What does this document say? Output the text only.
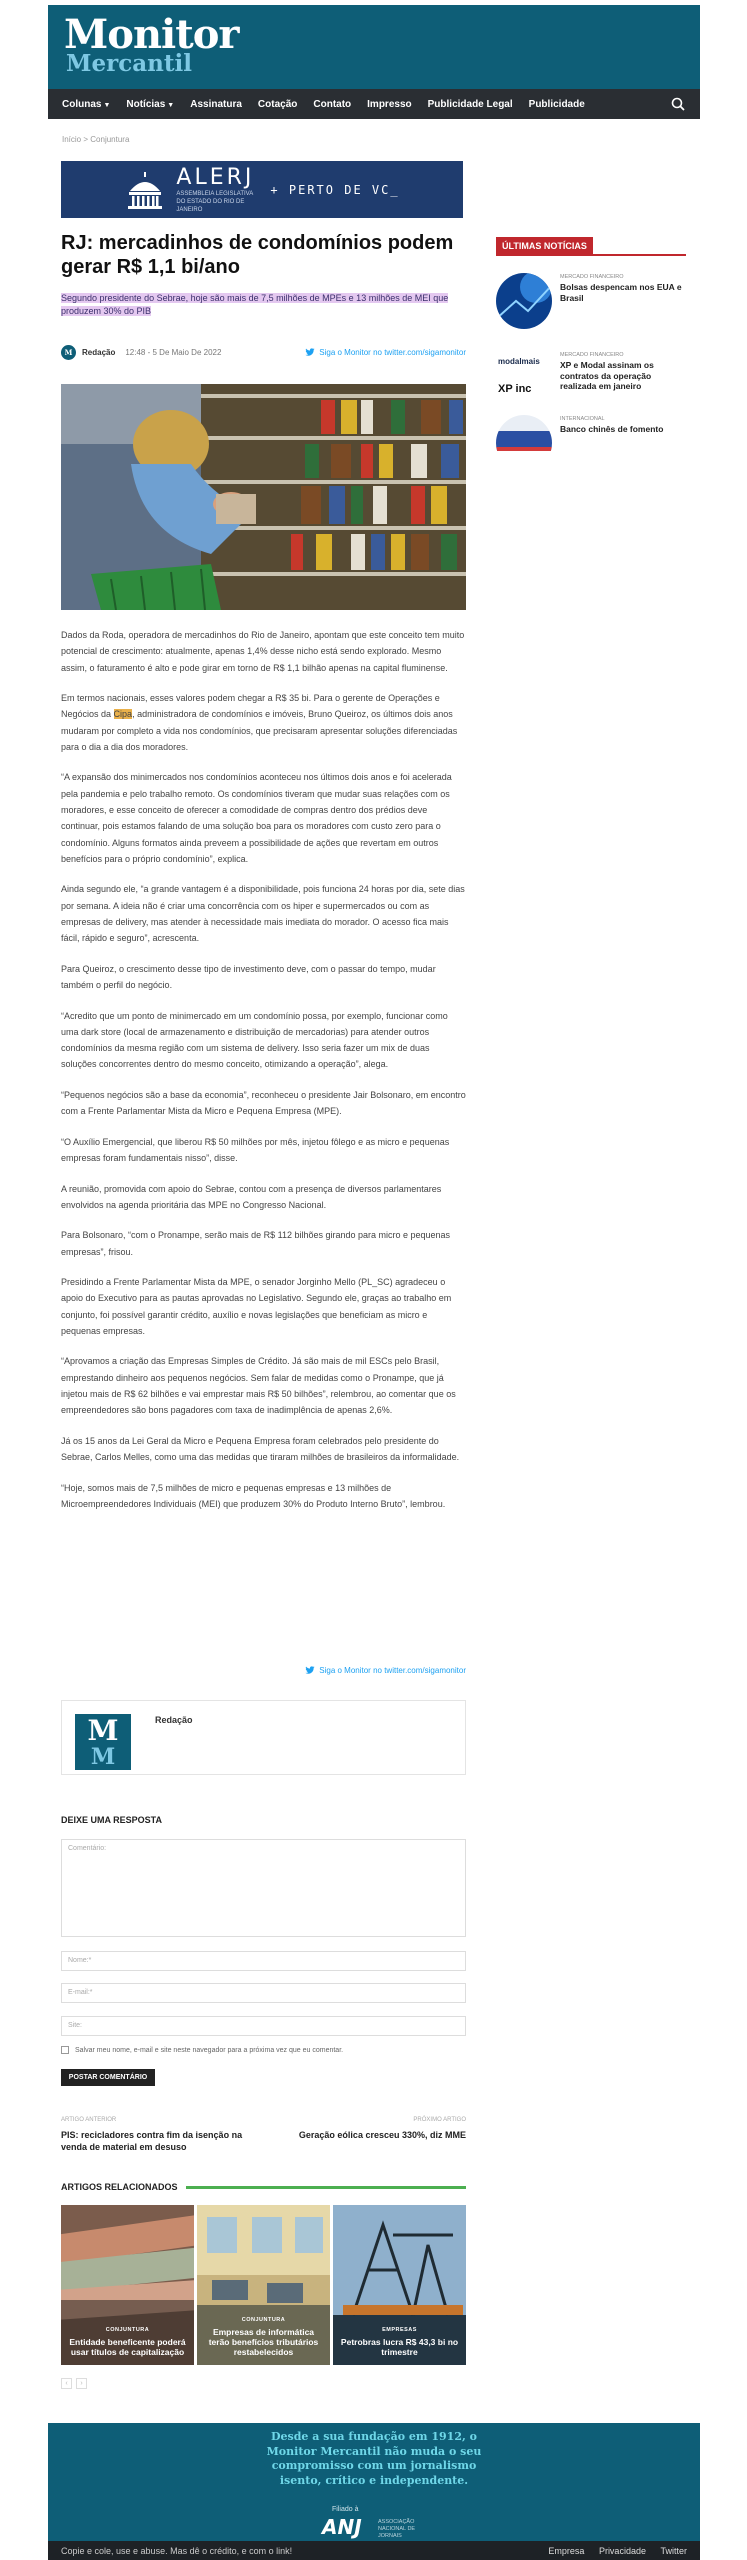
Monitor
Mercantil
Colunas ▼ Notícias ▼ Assinatura Cotação Contato Impresso Publicidade Legal Publicidade
Início > Conjuntura
ALERJ
ASSEMBLEIA LEGISLATIVA DO ESTADO DO RIO DE JANEIRO
+ PERTO DE VC_
RJ: mercadinhos de condomínios podem gerar R$ 1,1 bi/ano
Segundo presidente do Sebrae, hoje são mais de 7,5 milhões de MPEs e 13 milhões de MEI que produzem 30% do PIB
M	Redação 12:48 - 5 De Maio De 2022	Siga o Monitor no twitter.com/sigamonitor

Dados da Roda, operadora de mercadinhos do Rio de Janeiro, apontam que este conceito tem muito potencial de crescimento: atualmente, apenas 1,4% desse nicho está sendo explorado. Mesmo assim, o faturamento é alto e pode girar em torno de R$ 1,1 bilhão apenas na capital fluminense.

Em termos nacionais, esses valores podem chegar a R$ 35 bi. Para o gerente de Operações e Negócios da Cipa, administradora de condomínios e imóveis, Bruno Queiroz, os últimos dois anos mudaram por completo a vida nos condomínios, que precisaram apresentar soluções diferenciadas para o dia a dia dos moradores.

“A expansão dos minimercados nos condomínios aconteceu nos últimos dois anos e foi acelerada pela pandemia e pelo trabalho remoto. Os condomínios tiveram que mudar suas relações com os moradores, e esse conceito de oferecer a comodidade de compras dentro dos prédios deve continuar, pois estamos falando de uma solução boa para os moradores com custo zero para o condomínio. Alguns formatos ainda preveem a possibilidade de ações que revertam em outros benefícios para o próprio condomínio”, explica.

Ainda segundo ele, “a grande vantagem é a disponibilidade, pois funciona 24 horas por dia, sete dias por semana. A ideia não é criar uma concorrência com os hiper e supermercados ou com as empresas de delivery, mas atender à necessidade mais imediata do morador. O acesso fica mais fácil, rápido e seguro”, acrescenta.

Para Queiroz, o crescimento desse tipo de investimento deve, com o passar do tempo, mudar também o perfil do negócio.

“Acredito que um ponto de minimercado em um condomínio possa, por exemplo, funcionar como uma dark store (local de armazenamento e distribuição de mercadorias) para atender outros condomínios da mesma região com um sistema de delivery. Isso seria fazer um mix de duas soluções concorrentes dentro do mesmo conceito, otimizando a operação”, alega.

“Pequenos negócios são a base da economia”, reconheceu o presidente Jair Bolsonaro, em encontro com a Frente Parlamentar Mista da Micro e Pequena Empresa (MPE).

“O Auxílio Emergencial, que liberou R$ 50 milhões por mês, injetou fôlego e as micro e pequenas empresas foram fundamentais nisso”, disse.

A reunião, promovida com apoio do Sebrae, contou com a presença de diversos parlamentares envolvidos na agenda prioritária das MPE no Congresso Nacional.

Para Bolsonaro, “com o Pronampe, serão mais de R$ 112 bilhões girando para micro e pequenas empresas”, frisou.

Presidindo a Frente Parlamentar Mista da MPE, o senador Jorginho Mello (PL_SC) agradeceu o apoio do Executivo para as pautas aprovadas no Legislativo. Segundo ele, graças ao trabalho em conjunto, foi possível garantir crédito, auxílio e novas legislações que beneficiam as micro e pequenas empresas.

“Aprovamos a criação das Empresas Simples de Crédito. Já são mais de mil ESCs pelo Brasil, emprestando dinheiro aos pequenos negócios. Sem falar de medidas como o Pronampe, que já injetou mais de R$ 62 bilhões e vai emprestar mais R$ 50 bilhões”, relembrou, ao comentar que os empreendedores são bons pagadores com taxa de inadimplência de apenas 2,6%.

Já os 15 anos da Lei Geral da Micro e Pequena Empresa foram celebrados pelo presidente do Sebrae, Carlos Melles, como uma das medidas que tiraram milhões de brasileiros da informalidade.

“Hoje, somos mais de 7,5 milhões de micro e pequenas empresas e 13 milhões de Microempreendedores Individuais (MEI) que produzem 30% do Produto Interno Bruto”, lembrou.

Siga o Monitor no twitter.com/sigamonitor
M
M
Redação
DEIXE UMA RESPOSTA
Comentário:
Nome:*
E-mail:*
Site:
Salvar meu nome, e-mail e site neste navegador para a próxima vez que eu comentar.
POSTAR COMENTÁRIO
ARTIGO ANTERIOR
PIS: recicladores contra fim da isenção na venda de material em desuso
PRÓXIMO ARTIGO
Geração eólica cresceu 330%, diz MME
ARTIGOS RELACIONADOS
CONJUNTURA
Entidade beneficente poderá usar títulos de capitalização
CONJUNTURA
Empresas de informática terão benefícios tributários restabelecidos
EMPRESAS
Petrobras lucra R$ 43,3 bi no trimestre
‹	›
ÚLTIMAS NOTÍCIAS
MERCADO FINANCEIRO
Bolsas despencam nos EUA e Brasil
modalmais
XP inc
MERCADO FINANCEIRO
XP e Modal assinam os contratos da operação realizada em janeiro
INTERNACIONAL
Banco chinês de fomento
Desde a sua fundação em 1912, o Monitor Mercantil não muda o seu compromisso com um jornalismo isento, crítico e independente.
Filiado à
ANJ	ASSOCIAÇÃO NACIONAL DE JORNAIS
Copie e cole, use e abuse. Mas dê o crédito, e com o link!	Empresa Privacidade Twitter
